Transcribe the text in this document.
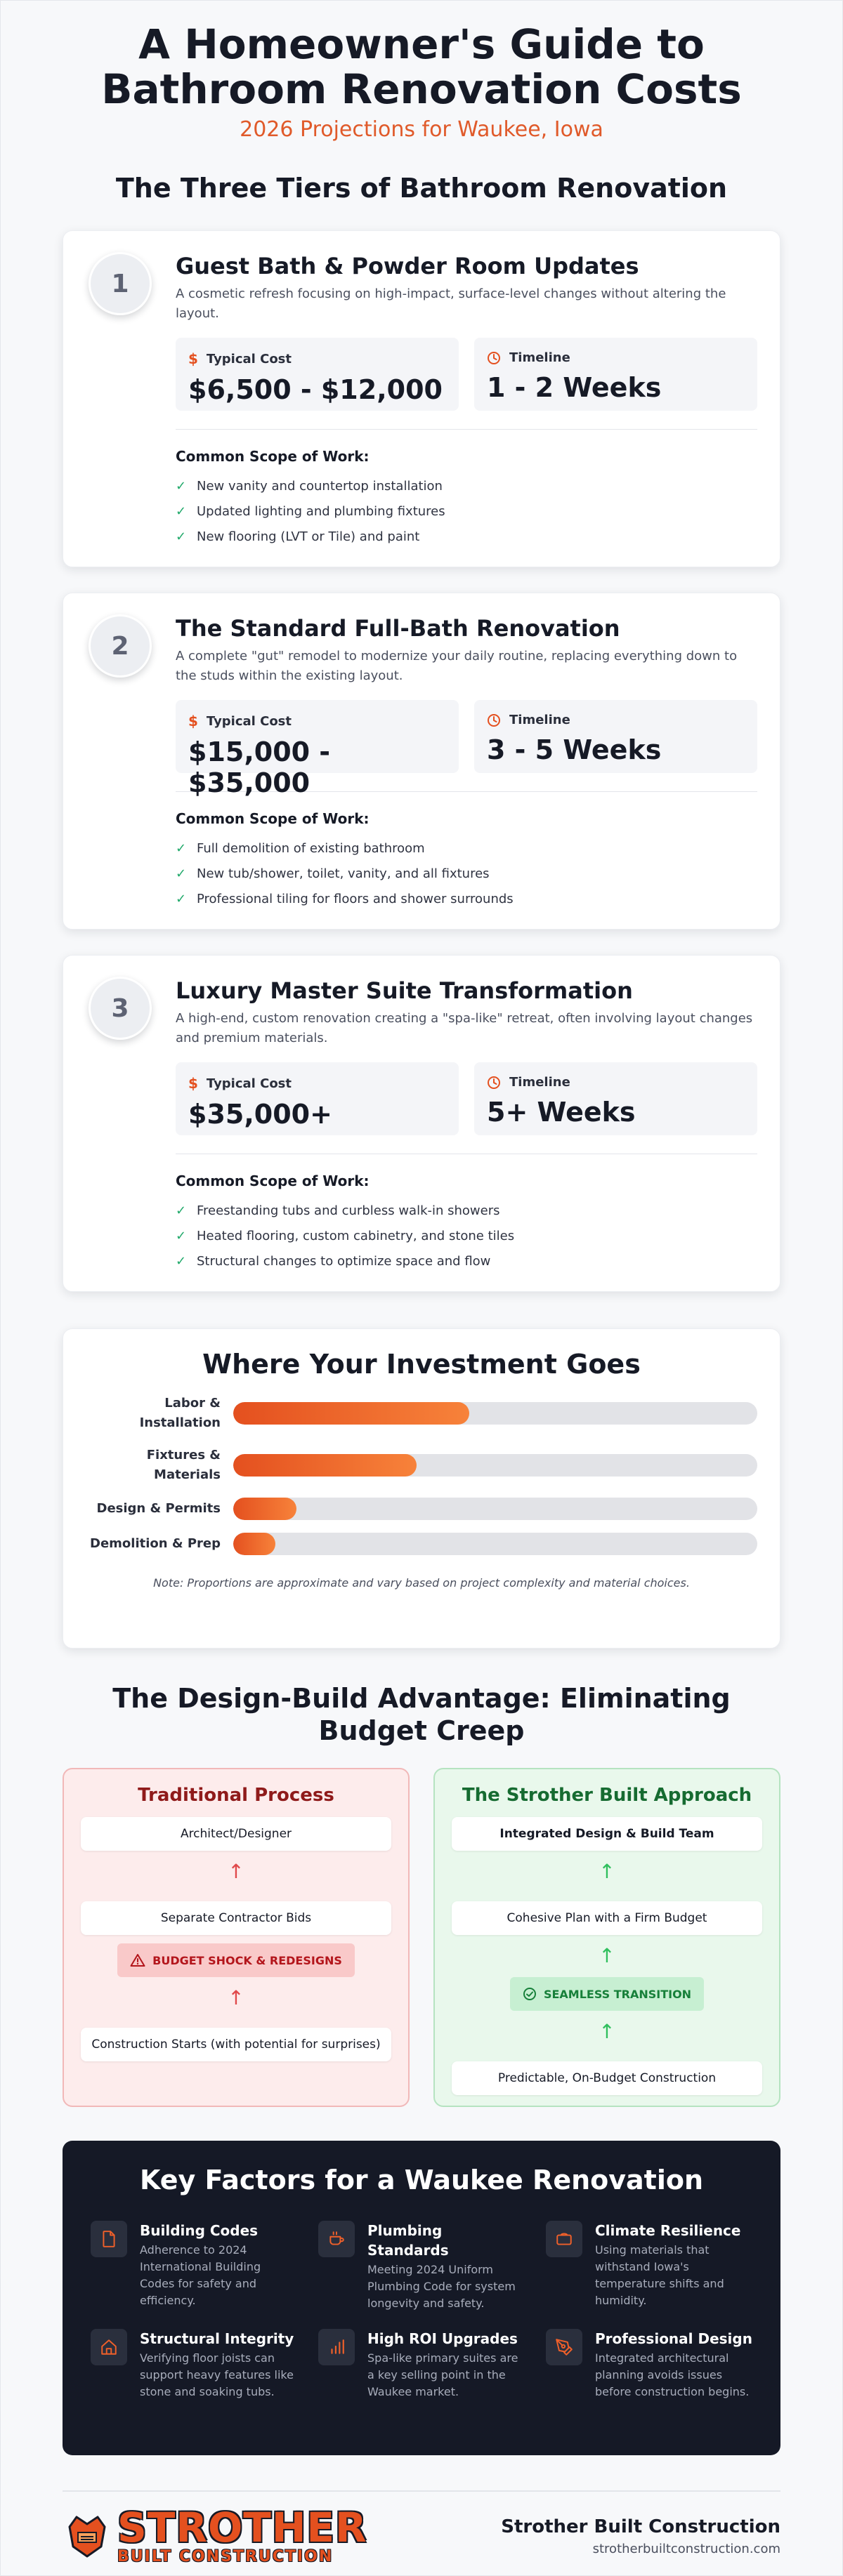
A Homeowner's Guide to Bathroom Renovation Costs
2026 Projections for Waukee, Iowa
The Three Tiers of Bathroom Renovation
1
Guest Bath & Powder Room Updates

A cosmetic refresh focusing on high-impact, surface-level changes without altering the layout.

$ Typical Cost
$6,500 - $12,000
Timeline
1 - 2 Weeks
Common Scope of Work:
✓ New vanity and countertop installation
✓ Updated lighting and plumbing fixtures
✓ New flooring (LVT or Tile) and paint
2
The Standard Full-Bath Renovation

A complete "gut" remodel to modernize your daily routine, replacing everything down to the studs within the existing layout.

$ Typical Cost
$15,000 - $35,000
Timeline
3 - 5 Weeks
Common Scope of Work:
✓ Full demolition of existing bathroom
✓ New tub/shower, toilet, vanity, and all fixtures
✓ Professional tiling for floors and shower surrounds
3
Luxury Master Suite Transformation

A high-end, custom renovation creating a "spa-like" retreat, often involving layout changes and premium materials.

$ Typical Cost
$35,000+
Timeline
5+ Weeks
Common Scope of Work:
✓ Freestanding tubs and curbless walk-in showers
✓ Heated flooring, custom cabinetry, and stone tiles
✓ Structural changes to optimize space and flow
Where Your Investment Goes
Labor & Installation
Fixtures & Materials
Design & Permits
Demolition & Prep

Note: Proportions are approximate and vary based on project complexity and material choices.

The Design-Build Advantage: Eliminating Budget Creep
Traditional Process
Architect/Designer
↑
Separate Contractor Bids
BUDGET SHOCK & REDESIGNS
↑
Construction Starts (with potential for surprises)
The Strother Built Approach
Integrated Design & Build Team
↑
Cohesive Plan with a Firm Budget
↑
SEAMLESS TRANSITION
↑
Predictable, On-Budget Construction
Key Factors for a Waukee Renovation
Building Codes
Adherence to 2024 International Building Codes for safety and efficiency.
Plumbing Standards
Meeting 2024 Uniform Plumbing Code for system longevity and safety.
Climate Resilience
Using materials that withstand Iowa's temperature shifts and humidity.
Structural Integrity
Verifying floor joists can support heavy features like stone and soaking tubs.
High ROI Upgrades
Spa-like primary suites are a key selling point in the Waukee market.
Professional Design
Integrated architectural planning avoids issues before construction begins.
STROTHER
BUILT CONSTRUCTION
Strother Built Construction
strotherbuiltconstruction.com
